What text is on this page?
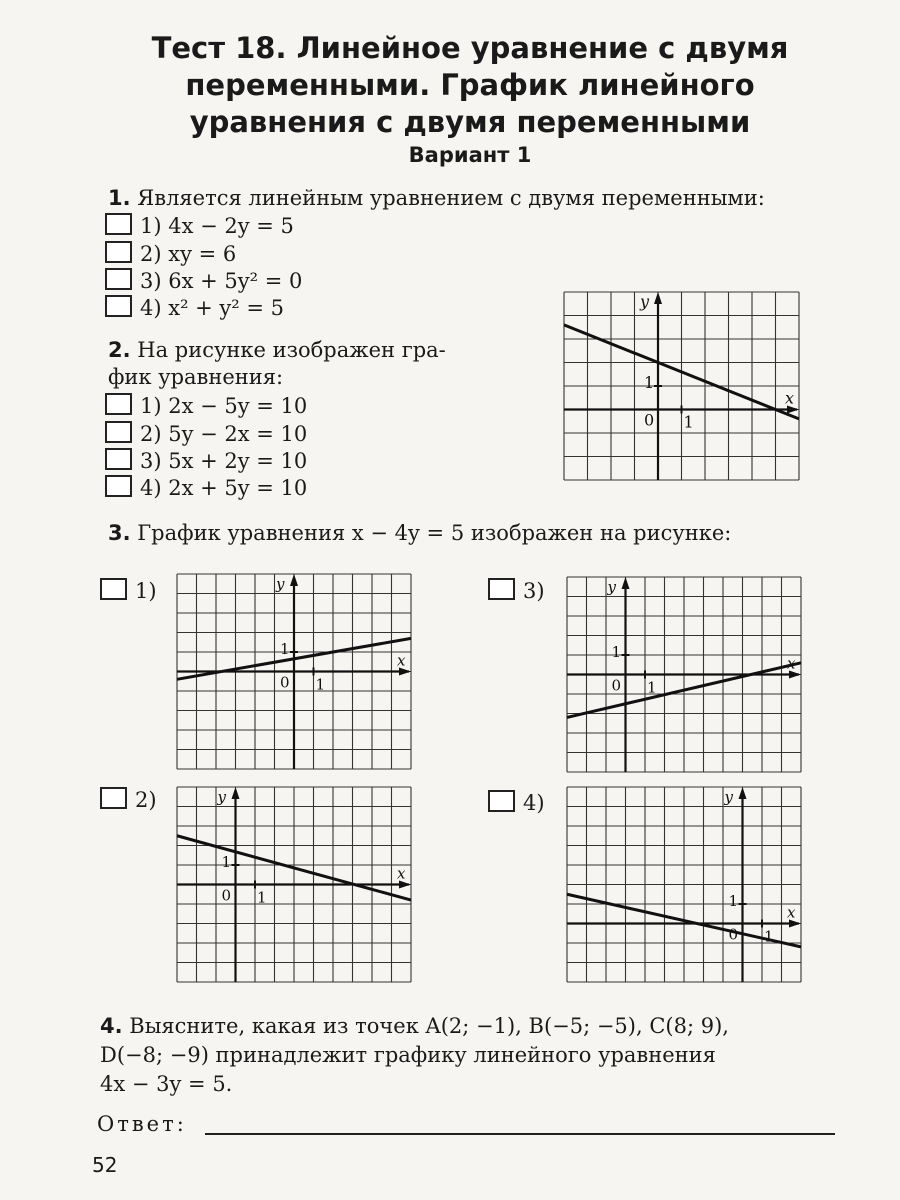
Тест 18. Линейное уравнение с двумя переменными. График линейного уравнения с двумя переменными
Вариант 1
1. Является линейным уравнением с двумя переменными:
1) 4x − 2y = 5
2) xy = 6
3) 6x + 5y² = 0
4) x² + y² = 5
2. На рисунке изображен гра-
фик уравнения:
1) 2x − 5y = 10
2) 5y − 2x = 10
3) 5x + 2y = 10
4) 2x + 5y = 10
x
y
0
1
1
3. График уравнения x − 4y = 5 изображен на рисунке:
1)
x
y
0
1
1
3)
x
y
0
1
1
2)
x
y
0
1
1
4)
x
y
0
1
1
4. Выясните, какая из точек A(2; −1), B(−5; −5), C(8; 9),
D(−8; −9) принадлежит графику линейного уравнения
4x − 3y = 5.
Ответ:
52
